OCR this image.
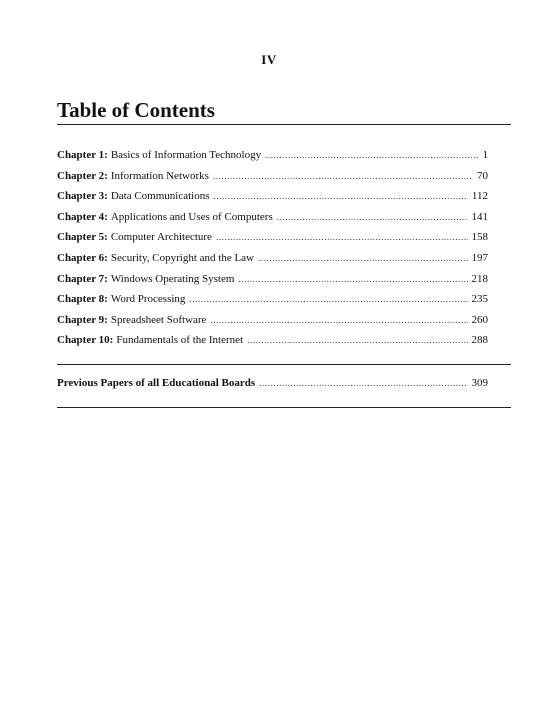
IV
Table of Contents
Chapter 1: Basics of Information Technology .....	1
Chapter 2: Information Networks .....	70
Chapter 3: Data Communications .....	112
Chapter 4: Applications and Uses of Computers .....	141
Chapter 5: Computer Architecture .....	158
Chapter 6: Security, Copyright and the Law .....	197
Chapter 7: Windows Operating System .....	218
Chapter 8: Word Processing .....	235
Chapter 9: Spreadsheet Software .....	260
Chapter 10: Fundamentals of the Internet .....	288
Previous Papers of all Educational Boards .....	309
